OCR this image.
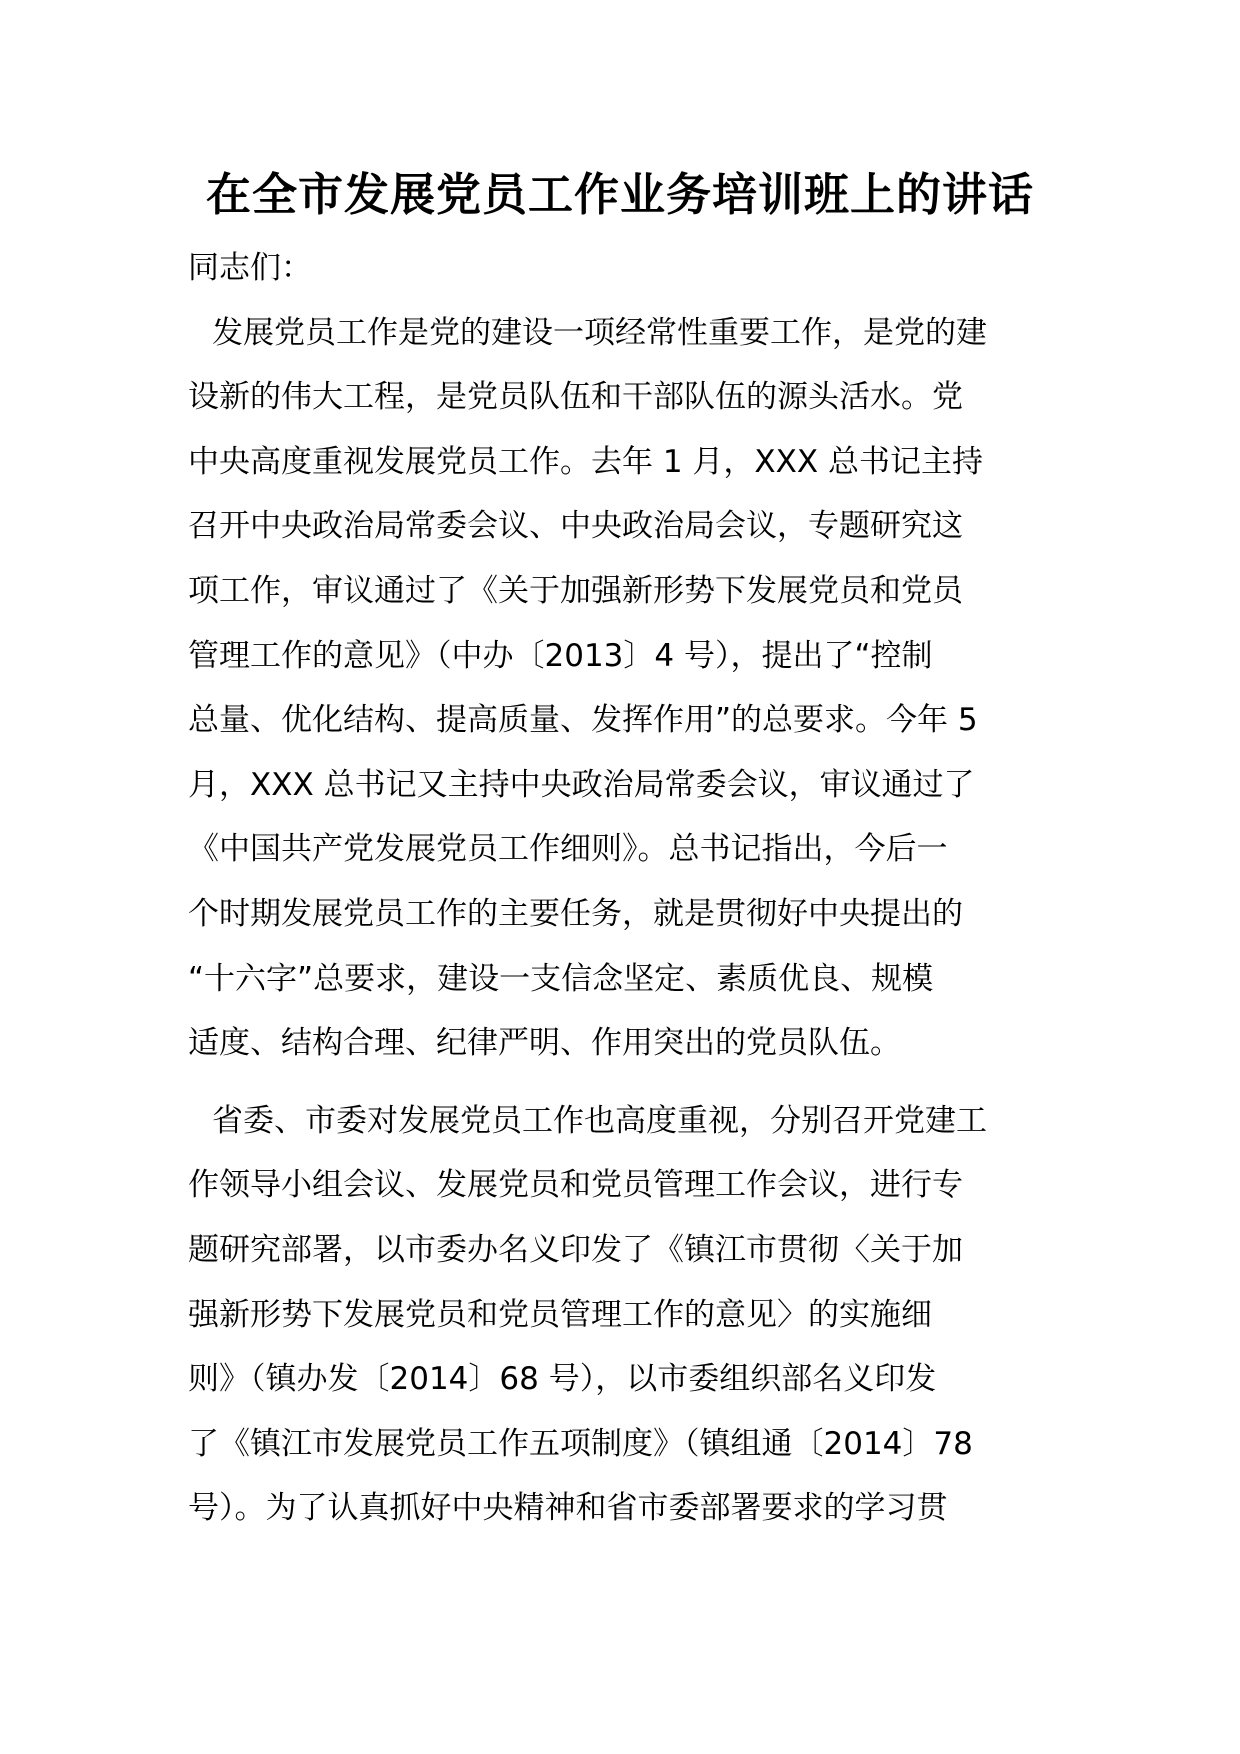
在全市发展党员工作业务培训班上的讲话
同志们：
发展党员工作是党的建设一项经常性重要工作，是党的建
设新的伟大工程，是党员队伍和干部队伍的源头活水。党
中央高度重视发展党员工作。去年 1 月，XXX 总书记主持
召开中央政治局常委会议、中央政治局会议，专题研究这
项工作，审议通过了《关于加强新形势下发展党员和党员
管理工作的意见》（中办〔2013〕4 号），提出了“控制
总量、优化结构、提高质量、发挥作用”的总要求。今年 5
月，XXX 总书记又主持中央政治局常委会议，审议通过了
《中国共产党发展党员工作细则》。总书记指出，今后一
个时期发展党员工作的主要任务，就是贯彻好中央提出的
“十六字”总要求，建设一支信念坚定、素质优良、规模
适度、结构合理、纪律严明、作用突出的党员队伍。
省委、市委对发展党员工作也高度重视，分别召开党建工
作领导小组会议、发展党员和党员管理工作会议，进行专
题研究部署，以市委办名义印发了《镇江市贯彻〈关于加
强新形势下发展党员和党员管理工作的意见〉的实施细
则》（镇办发〔2014〕68 号），以市委组织部名义印发
了《镇江市发展党员工作五项制度》（镇组通〔2014〕78
号）。为了认真抓好中央精神和省市委部署要求的学习贯
